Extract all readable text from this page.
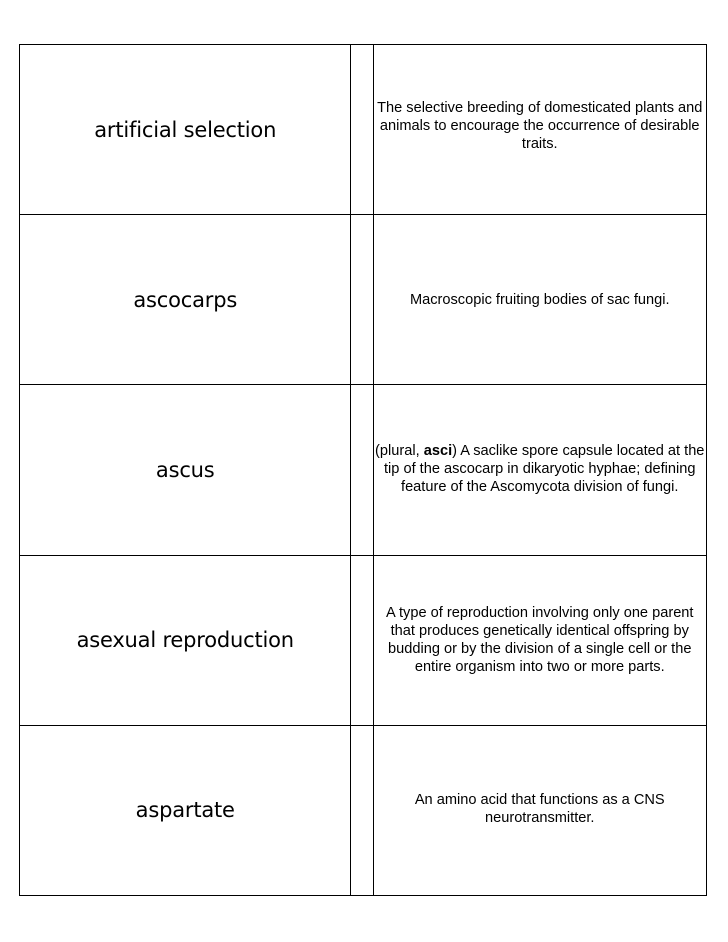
artificial selection		The selective breeding of domesticated plants and animals to encourage the occurrence of desirable traits.
ascocarps		Macroscopic fruiting bodies of sac fungi.
ascus		(plural, asci) A saclike spore capsule located at the tip of the ascocarp in dikaryotic hyphae; defining feature of the Ascomycota division of fungi.
asexual reproduction		A type of reproduction involving only one parent that produces genetically identical offspring by budding or by the division of a single cell or the entire organism into two or more parts.
aspartate		An amino acid that functions as a CNS neurotransmitter.
